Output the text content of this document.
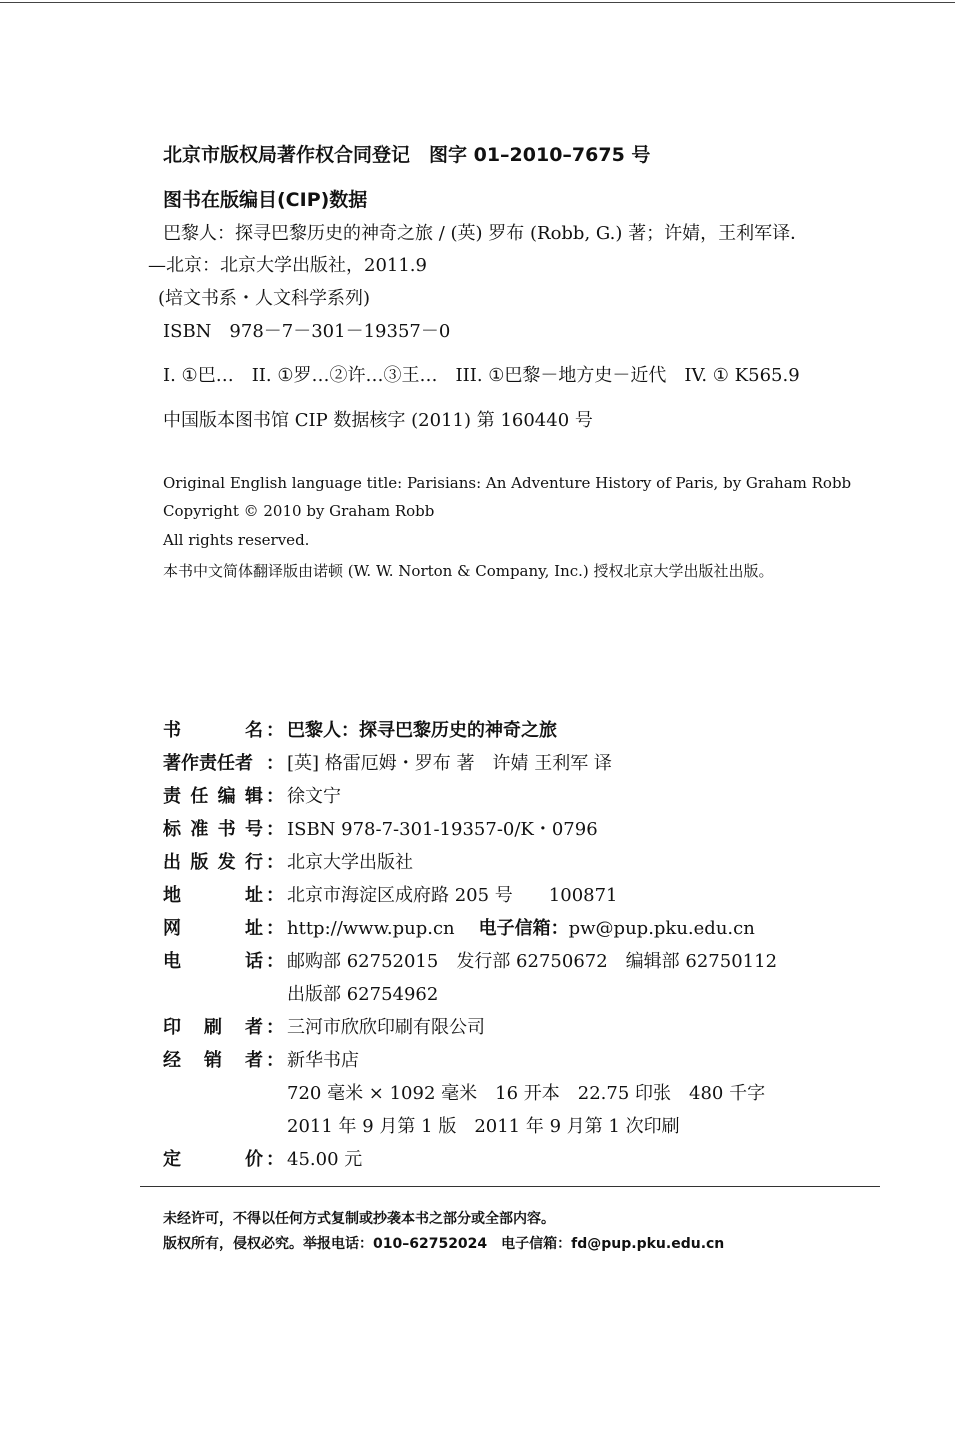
北京市版权局著作权合同登记　图字 01–2010–7675 号
图书在版编目(CIP)数据
巴黎人：探寻巴黎历史的神奇之旅 / (英) 罗布 (Robb, G.) 著；许婧，王利军译．
—北京：北京大学出版社，2011.9
(培文书系・人文科学系列)
ISBN　978－7－301－19357－0
I. ①巴…　II. ①罗…②许…③王…　III. ①巴黎－地方史－近代　IV. ① K565.9
中国版本图书馆 CIP 数据核字 (2011) 第 160440 号
Original English language title: Parisians: An Adventure History of Paris, by Graham Robb
Copyright © 2010 by Graham Robb
All rights reserved.
本书中文简体翻译版由诺顿 (W. W. Norton & Company, Inc.) 授权北京大学出版社出版。
书	名 ： 巴黎人：探寻巴黎历史的神奇之旅
著作责任者 ： [英] 格雷厄姆・罗布 著　许婧 王利军 译
责 任 编 辑 ： 徐文宁
标 准 书 号 ： ISBN 978-7-301-19357-0/K・0796
出 版 发 行 ： 北京大学出版社
地	址 ： 北京市海淀区成府路 205 号　　100871
网	址 ： http://www.pup.cn 电子信箱：pw@pup.pku.edu.cn
电	话 ： 邮购部 62752015　发行部 62750672　编辑部 62750112
出版部 62754962
印 刷 者 ： 三河市欣欣印刷有限公司
经 销 者 ： 新华书店
720 毫米 × 1092 毫米　16 开本　22.75 印张　480 千字
2011 年 9 月第 1 版　2011 年 9 月第 1 次印刷
定	价 ： 45.00 元
未经许可，不得以任何方式复制或抄袭本书之部分或全部内容。
版权所有，侵权必究。举报电话：010–62752024　电子信箱：fd@pup.pku.edu.cn
